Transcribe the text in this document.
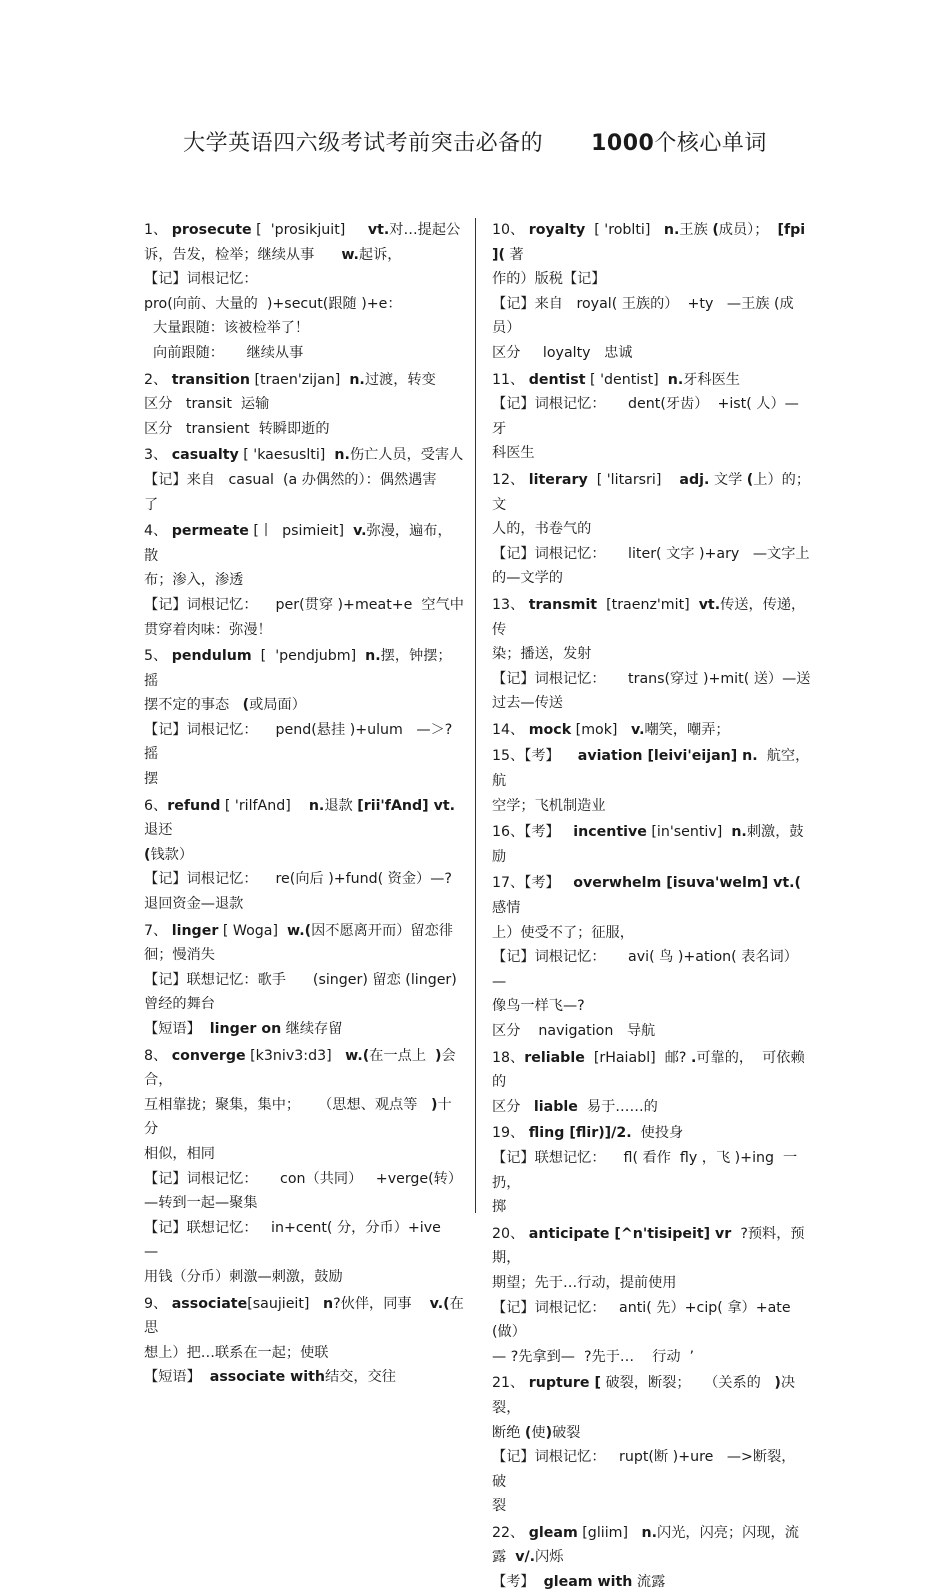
大学英语四六级考试考前突击必备的 1000个核心单词
1、 prosecute [  'prosikjuit]     vt.对…提起公
诉，告发，检举；继续从事      w.起诉，
【记】词根记忆：
pro(向前、大量的  )+secut(跟随 )+e：
大量跟随：该被检举了！
向前跟随：     继续从事
2、 transition [traen'zijan]  n.过渡，转变
区分   transit  运输
区分   transient  转瞬即逝的
3、 casualty [ 'kaesuslti]  n.伤亡人员，受害人
【记】来自   casual  (a 办偶然的）：偶然遇害
了
4、 permeate [丨  psimieit]  v.弥漫，遍布，散
布；渗入，渗透
【记】词根记忆：    per(贯穿 )+meat+e  空气中
贯穿着肉味：弥漫！
5、 pendulum  [  'pendjubm]  n.摆，钟摆；摇
摆不定的事态   (或局面）
【记】词根记忆：    pend(悬挂 )+ulum   —＞?摇
摆
6、refund [ 'rilfAnd]    n.退款 [rii'fAnd] vt.  退还
(钱款）
【记】词根记忆：    re(向后 )+fund( 资金）—?
退回资金—退款
7、 linger [ Woga]  w.(因不愿离开而）留恋徘
徊；慢消失
【记】联想记忆：歌手      (singer) 留恋 (linger)
曾经的舞台
【短语】  linger on 继续存留
8、 converge [k3niv3:d3]   w.(在一点上  )会合，
互相靠拢；聚集，集中；    （思想、观点等   )十
分
相似，相同
【记】词根记忆：     con（共同）   +verge(转）
—转到一起—聚集
【记】联想记忆：   in+cent( 分，分币）+ive   —
用钱（分币）刺激—刺激，鼓励
9、 associate[saujieit]   n?伙伴，同事    v.(在思
想上）把…联系在一起；使联
【短语】  associate with结交，交往
10、 royalty  [ 'roblti]   n.王族 (成员）；  [fpi ]( 著
作的）版税【记】
【记】来自   royal( 王族的）  +ty   —王族 (成员）
区分     loyalty   忠诚
11、 dentist [ 'dentist]  n.牙科医生
【记】词根记忆：     dent(牙齿）  +ist( 人）—牙
科医生
12、 literary  [ 'litarsri]    adj. 文学 (上）的；文
人的，书卷气的
【记】词根记忆：     liter( 文字 )+ary   —文字上
的—文学的
13、 transmit  [traenz'mit]  vt.传送，传递，传
染；播送，发射
【记】词根记忆：     trans(穿过 )+mit( 送）—送
过去—传送
14、 mock [mok]   v.嘲笑，嘲弄；
15、【考】    aviation [leivi'eijan] n.  航空，航
空学；飞机制造业
16、【考】   incentive [in'sentiv]  n.刺激，鼓励
17、【考】   overwhelm [isuva'welm] vt.(  感情
上）使受不了；征服，
【记】词根记忆：     avi( 鸟 )+ation( 表名词）—
像鸟一样飞—?
区分    navigation   导航
18、reliable  [rHaiabl]  邮? .可靠的，  可依赖的
区分   liable  易于……的
19、 fling [flir)]/2.  使投身
【记】联想记忆：    fl( 看作  fly ，飞 )+ing  一扔，
掷
20、 anticipate [^n'tisipeit] vr  ?预料，预期，
期望；先于…行动，提前使用
【记】词根记忆：   anti( 先）+cip( 拿）+ate(做）
— ?先拿到—  ?先于…    行动  ’
21、 rupture [ 破裂，断裂；   （关系的   )决裂，
断绝 (使)破裂
【记】词根记忆：   rupt(断 )+ure   —>断裂，  破
裂
22、 gleam [gliim]   n.闪光，闪亮；闪现，流
露  v/.闪烁
【考】  gleam with 流露
